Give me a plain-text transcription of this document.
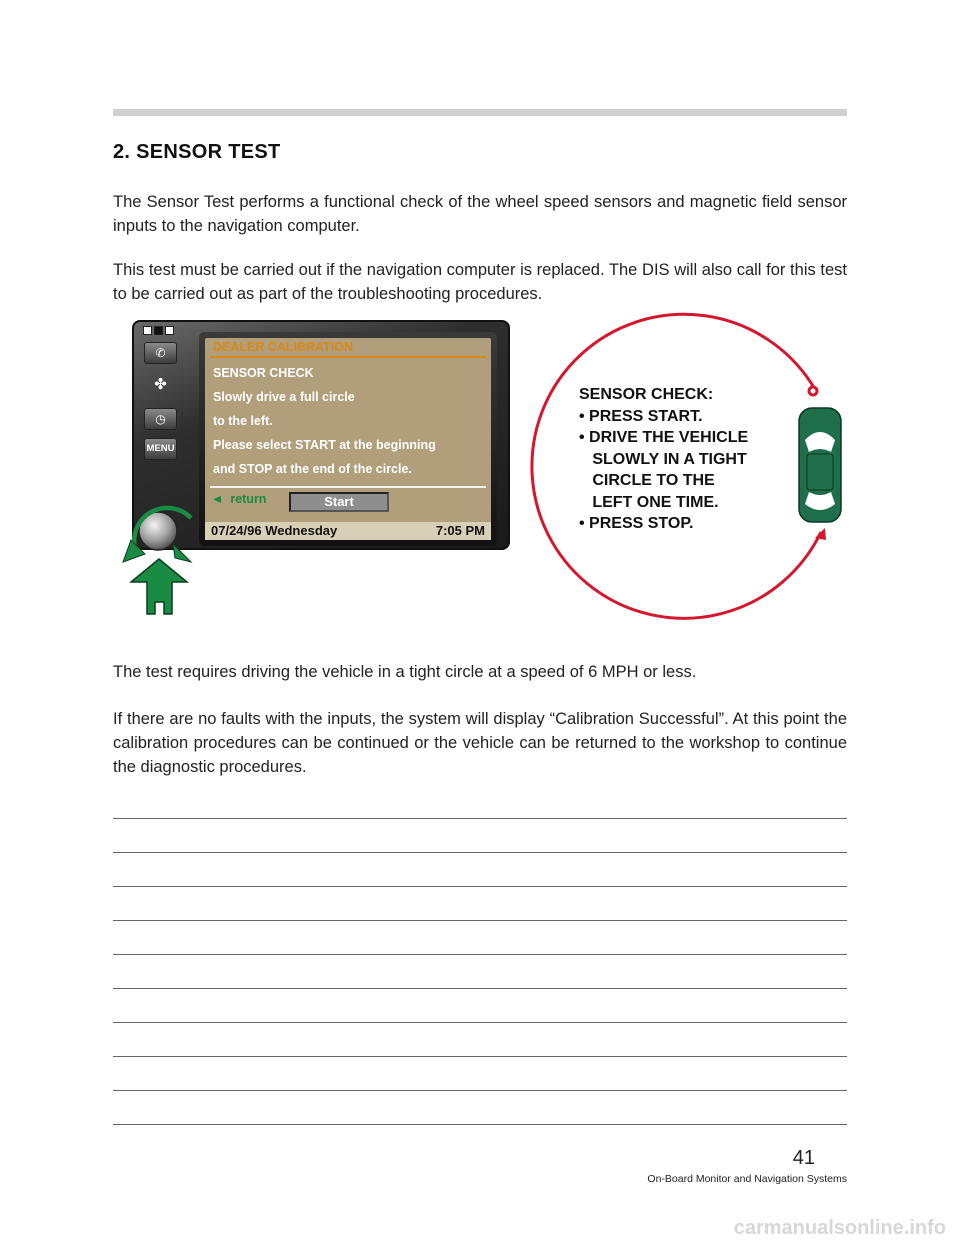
2. SENSOR TEST

The Sensor Test performs a functional check of the wheel speed sensors and magnetic field sensor inputs to the navigation computer.

This test must be carried out if the navigation computer is replaced. The DIS will also call for this test to be carried out as part of the troubleshooting procedures.

✆
✤
◷
MENU
DEALER CALIBRATION
SENSOR CHECK
Slowly drive a full circle
to the left.
Please select START at the beginning
and STOP at the end of the circle.
◄ return	Start
07/24/96 Wednesday	7:05 PM
SENSOR CHECK:
• PRESS START.
• DRIVE THE VEHICLE
SLOWLY IN A TIGHT
CIRCLE TO THE
LEFT ONE TIME.
• PRESS STOP.

The test requires driving the vehicle in a tight circle at a speed of 6 MPH or less.

If there are no faults with the inputs, the system will display “Calibration Successful”. At this point the calibration procedures can be continued or the vehicle can be returned to the workshop to continue the diagnostic procedures.

41
On-Board Monitor and Navigation Systems
carmanualsonline.info
